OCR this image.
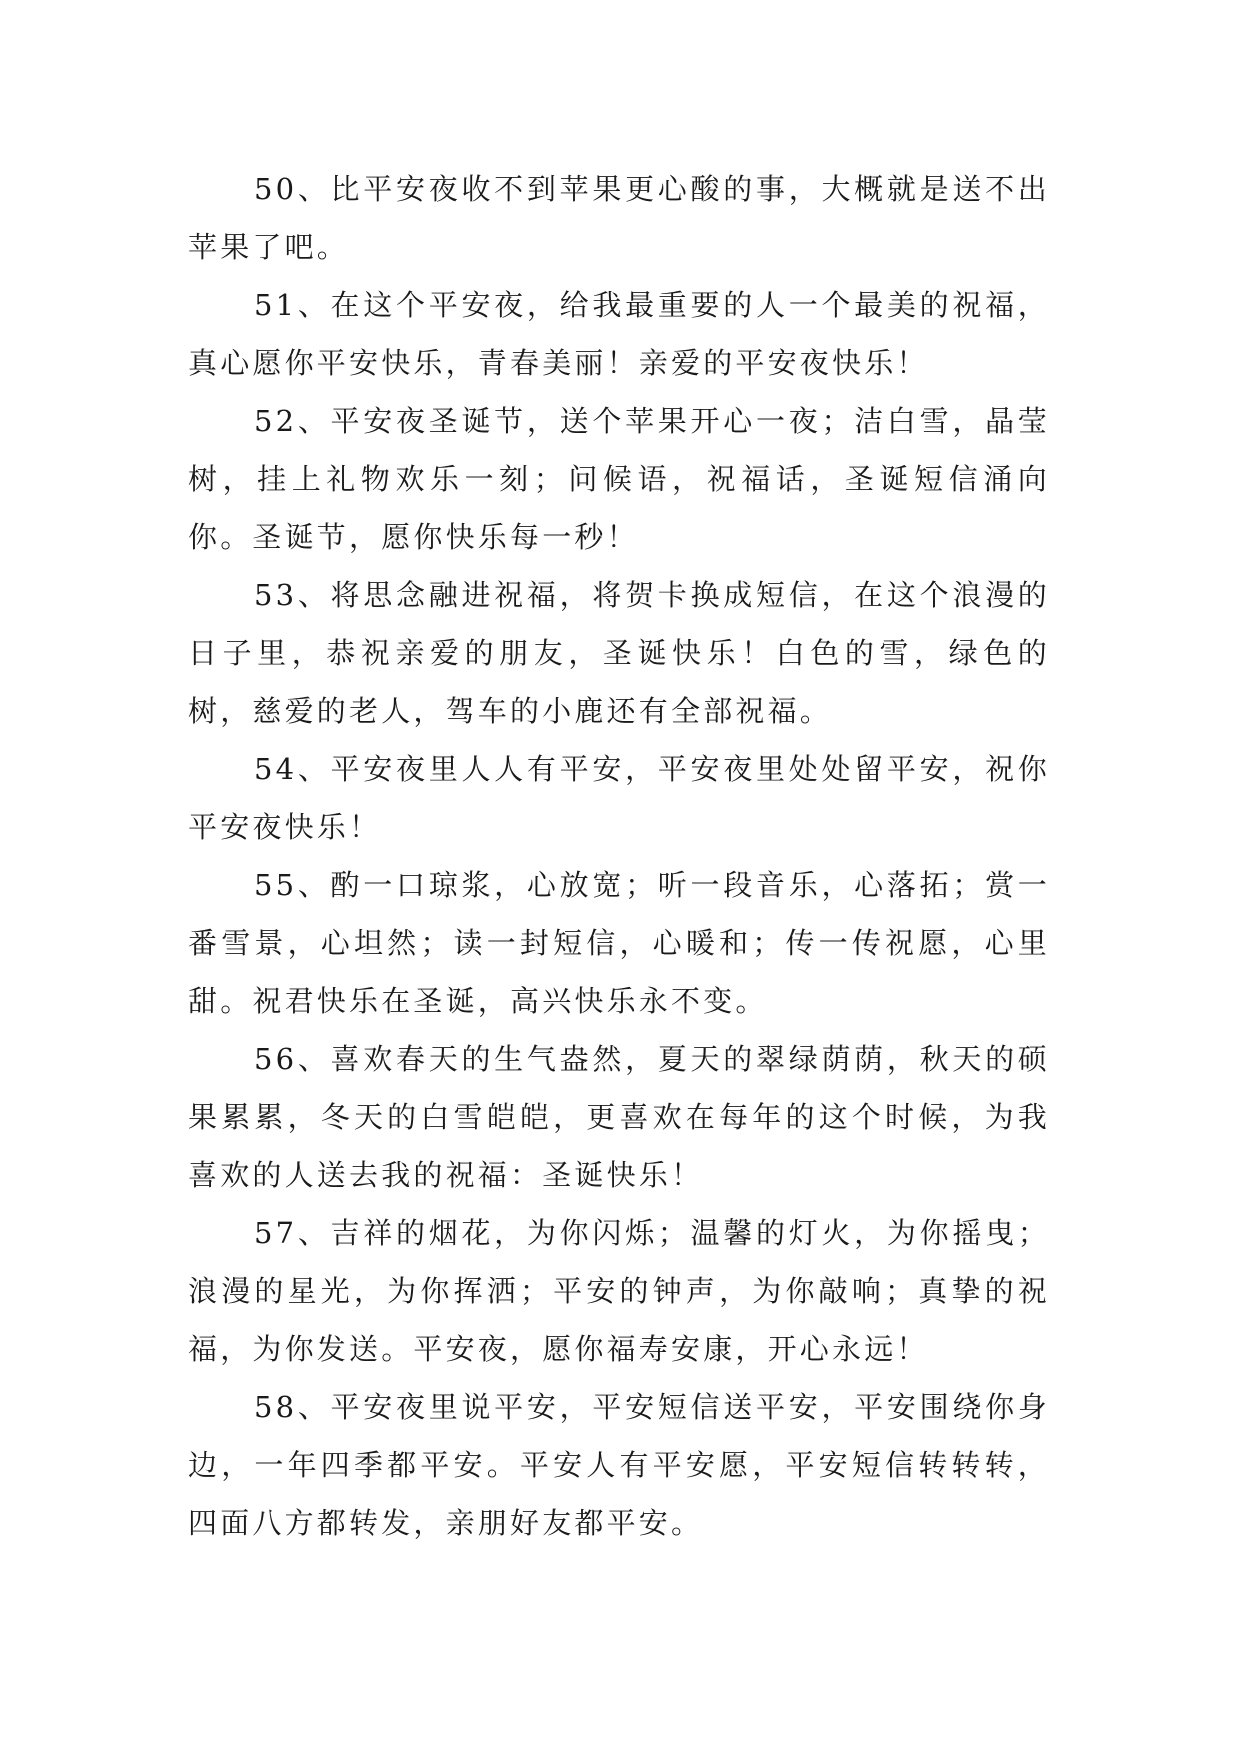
50、比平安夜收不到苹果更心酸的事，大概就是送不出苹果了吧。

51、在这个平安夜，给我最重要的人一个最美的祝福，真心愿你平安快乐，青春美丽！亲爱的平安夜快乐！

52、平安夜圣诞节，送个苹果开心一夜；洁白雪，晶莹树，挂上礼物欢乐一刻；问候语，祝福话，圣诞短信涌向你。圣诞节，愿你快乐每一秒！

53、将思念融进祝福，将贺卡换成短信，在这个浪漫的日子里，恭祝亲爱的朋友，圣诞快乐！白色的雪，绿色的树，慈爱的老人，驾车的小鹿还有全部祝福。

54、平安夜里人人有平安，平安夜里处处留平安，祝你平安夜快乐！

55、酌一口琼浆，心放宽；听一段音乐，心落拓；赏一番雪景，心坦然；读一封短信，心暖和；传一传祝愿，心里甜。祝君快乐在圣诞，高兴快乐永不变。

56、喜欢春天的生气盎然，夏天的翠绿荫荫，秋天的硕果累累，冬天的白雪皑皑，更喜欢在每年的这个时候，为我喜欢的人送去我的祝福：圣诞快乐！

57、吉祥的烟花，为你闪烁；温馨的灯火，为你摇曳；浪漫的星光，为你挥洒；平安的钟声，为你敲响；真挚的祝福，为你发送。平安夜，愿你福寿安康，开心永远！

58、平安夜里说平安，平安短信送平安，平安围绕你身边，一年四季都平安。平安人有平安愿，平安短信转转转，四面八方都转发，亲朋好友都平安。
